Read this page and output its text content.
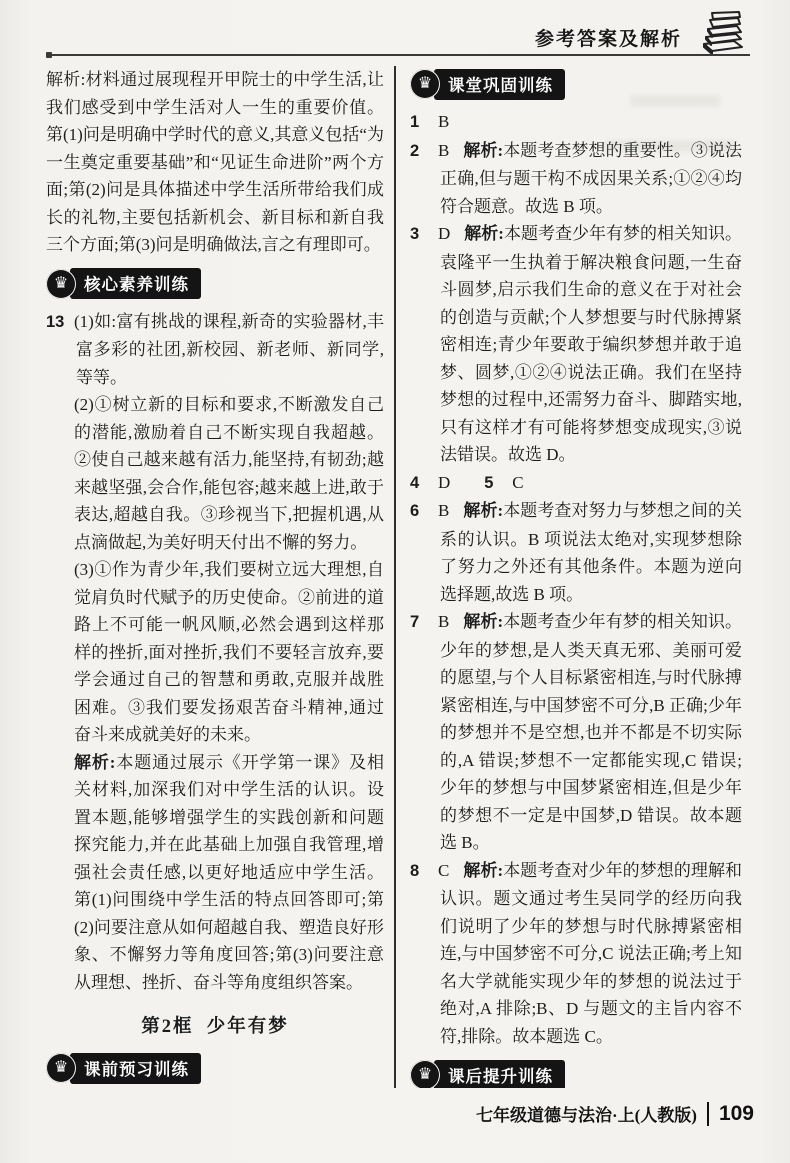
参考答案及解析

解析:材料通过展现程开甲院士的中学生活,让我们感受到中学生活对人一生的重要价值。第(1)问是明确中学时代的意义,其意义包括“为一生奠定重要基础”和“见证生命进阶”两个方面;第(2)问是具体描述中学生活所带给我们成长的礼物,主要包括新机会、新目标和新自我三个方面;第(3)问是明确做法,言之有理即可。

♛ 核心素养训练

13 (1)如:富有挑战的课程,新奇的实验器材,丰富多彩的社团,新校园、新老师、新同学,等等。

(2)①树立新的目标和要求,不断激发自己的潜能,激励着自己不断实现自我超越。②使自己越来越有活力,能坚持,有韧劲;越来越坚强,会合作,能包容;越来越上进,敢于表达,超越自我。③珍视当下,把握机遇,从点滴做起,为美好明天付出不懈的努力。

(3)①作为青少年,我们要树立远大理想,自觉肩负时代赋予的历史使命。②前进的道路上不可能一帆风顺,必然会遇到这样那样的挫折,面对挫折,我们不要轻言放弃,要学会通过自己的智慧和勇敢,克服并战胜困难。③我们要发扬艰苦奋斗精神,通过奋斗来成就美好的未来。

解析:本题通过展示《开学第一课》及相关材料,加深我们对中学生活的认识。设置本题,能够增强学生的实践创新和问题探究能力,并在此基础上加强自我管理,增强社会责任感,以更好地适应中学生活。第(1)问围绕中学生活的特点回答即可;第(2)问要注意从如何超越自我、塑造良好形象、不懈努力等角度回答;第(3)问要注意从理想、挫折、奋斗等角度组织答案。

第2框  少年有梦
♛ 课前预习训练

♛ 课堂巩固训练

1 B

2 B 解析:本题考查梦想的重要性。③说法正确,但与题干构不成因果关系;①②④均符合题意。故选 B 项。

3 D 解析:本题考查少年有梦的相关知识。袁隆平一生执着于解决粮食问题,一生奋斗圆梦,启示我们生命的意义在于对社会的创造与贡献;个人梦想要与时代脉搏紧密相连;青少年要敢于编织梦想并敢于追梦、圆梦,①②④说法正确。我们在坚持梦想的过程中,还需努力奋斗、脚踏实地,只有这样才有可能将梦想变成现实,③说法错误。故选 D。

4 D 5 C

6 B 解析:本题考查对努力与梦想之间的关系的认识。B 项说法太绝对,实现梦想除了努力之外还有其他条件。本题为逆向选择题,故选 B 项。

7 B 解析:本题考查少年有梦的相关知识。少年的梦想,是人类天真无邪、美丽可爱的愿望,与个人目标紧密相连,与时代脉搏紧密相连,与中国梦密不可分,B 正确;少年的梦想并不是空想,也并不都是不切实际的,A 错误;梦想不一定都能实现,C 错误;少年的梦想与中国梦紧密相连,但是少年的梦想不一定是中国梦,D 错误。故本题选 B。

8 C 解析:本题考查对少年的梦想的理解和认识。题文通过考生吴同学的经历向我们说明了少年的梦想与时代脉搏紧密相连,与中国梦密不可分,C 说法正确;考上知名大学就能实现少年的梦想的说法过于绝对,A 排除;B、D 与题文的主旨内容不符,排除。故本题选 C。

♛ 课后提升训练

七年级道德与法治·上(人教版)	109
